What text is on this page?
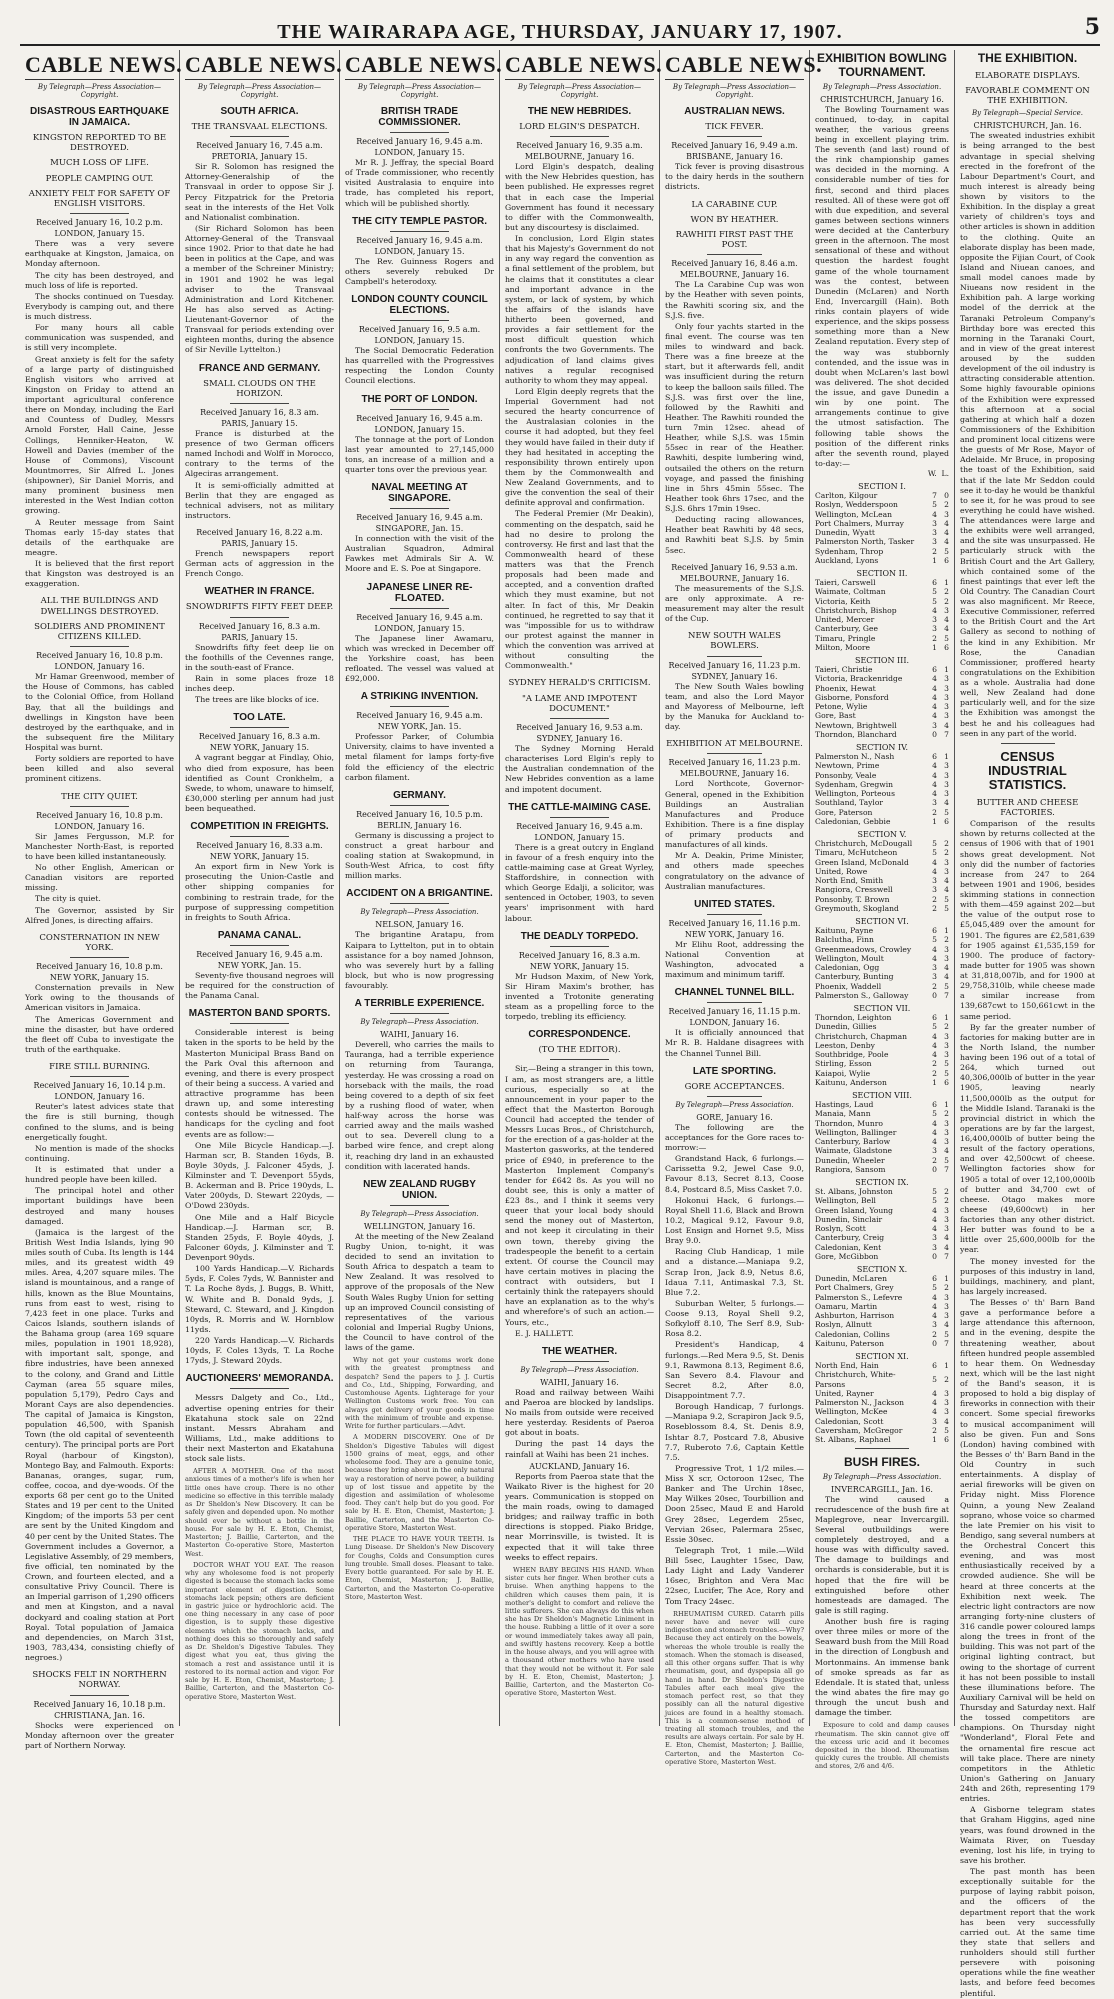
THE WAIRARAPA AGE, THURSDAY, JANUARY 17, 1907.	5
CABLE NEWS.
By Telegraph—Press Association—Copyright.
DISASTROUS EARTHQUAKE IN JAMAICA.
KINGSTON REPORTED TO BE DESTROYED.
MUCH LOSS OF LIFE.
PEOPLE CAMPING OUT.
ANXIETY FELT FOR SAFETY OF ENGLISH VISITORS.
Received January 16, 10.2 p.m.
LONDON, January 15.

There was a very severe earthquake at Kingston, Jamaica, on Monday afternoon.

The city has been destroyed, and much loss of life is reported.

The shocks continued on Tuesday. Everybody is camping out, and there is much distress.

For many hours all cable communication was suspended, and is still very incomplete.

Great anxiety is felt for the safety of a large party of distinguished English visitors who arrived at Kingston on Friday to attend an important agricultural conference there on Monday, including the Earl and Countess of Dudley, Messrs Arnold Forster, Hall Caine, Jesse Collings, Henniker-Heaton, W. Howell and Davies (member of the House of Commons), Viscount Mountmorres, Sir Alfred L. Jones (shipowner), Sir Daniel Morris, and many prominent business men interested in the West Indian cotton growing.

A Reuter message from Saint Thomas early 15-day states that details of the earthquake are meagre.

It is believed that the first report that Kingston was destroyed is an exaggeration.

ALL THE BUILDINGS AND DWELLINGS DESTROYED.
SOLDIERS AND PROMINENT CITIZENS KILLED.
Received January 16, 10.8 p.m.
LONDON, January 16.

Mr Hamar Greenwood, member of the House of Commons, has cabled to the Colonial Office, from Holland Bay, that all the buildings and dwellings in Kingston have been destroyed by the earthquake, and in the subsequent fire the Military Hospital was burnt.

Forty soldiers are reported to have been killed and also several prominent citizens.

THE CITY QUIET.
Received January 16, 10.8 p.m.
LONDON, January 16.

Sir James Fergusson, M.P. for Manchester North-East, is reported to have been killed instantaneously.

No other English, American or Canadian visitors are reported missing.

The city is quiet.

The Governor, assisted by Sir Alfred Jones, is directing affairs.

CONSTERNATION IN NEW YORK.
Received January 16, 10.8 p.m.
NEW YORK, January 15.

Consternation prevails in New York owing to the thousands of American visitors in Jamaica.

The Americas Government and mine the disaster, but have ordered the fleet off Cuba to investigate the truth of the earthquake.

FIRE STILL BURNING.
Received January 16, 10.14 p.m.
LONDON, January 16.

Reuter's latest advices state that the fire is still burning, though confined to the slums, and is being energetically fought.

No mention is made of the shocks continuing.

It is estimated that under a hundred people have been killed.

The principal hotel and other important buildings have been destroyed and many houses damaged.

(Jamaica is the largest of the British West India Islands, lying 90 miles south of Cuba. Its length is 144 miles, and its greatest width 49 miles. Area, 4,207 square miles. The island is mountainous, and a range of hills, known as the Blue Mountains, runs from east to west, rising to 7,423 feet in one place. Turks and Caicos Islands, southern islands of the Bahama group (area 169 square miles, population in 1901 18,928), with important salt, sponge, and fibre industries, have been annexed to the colony, and Grand and Little Cayman (area 55 square miles, population 5,179), Pedro Cays and Morant Cays are also dependencies. The capital of Jamaica is Kingston, population 46,500, with Spanish Town (the old capital of seventeenth century). The principal ports are Port Royal (harbour of Kingston), Montego Bay, and Falmouth. Exports: Bananas, oranges, sugar, rum, coffee, cocoa, and dye-woods. Of the exports 68 per cent go to the United States and 19 per cent to the United Kingdom; of the imports 53 per cent are sent by the United Kingdom and 40 per cent by the United States. The Government includes a Governor, a Legislative Assembly, of 29 members, five official, ten nominated by the Crown, and fourteen elected, and a consultative Privy Council. There is an Imperial garrison of 1,290 officers and men at Kingston, and a naval dockyard and coaling station at Port Royal. Total population of Jamaica and dependencies, on March 31st, 1903, 783,434, consisting chiefly of negroes.)

SHOCKS FELT IN NORTHERN NORWAY.
Received January 16, 10.18 p.m.
CHRISTIANA, Jan. 16.

Shocks were experienced on Monday afternoon over the greater part of Northern Norway.

CABLE NEWS.
By Telegraph—Press Association—Copyright.
SOUTH AFRICA.
THE TRANSVAAL ELECTIONS.
Received January 16, 7.45 a.m.
PRETORIA, January 15.

Sir R. Solomon has resigned the Attorney-Generalship of the Transvaal in order to oppose Sir J. Percy Fitzpatrick for the Pretoria seat in the interests of the Het Volk and Nationalist combination.

(Sir Richard Solomon has been Attorney-General of the Transvaal since 1902. Prior to that date he had been in politics at the Cape, and was a member of the Schreiner Ministry; in 1901 and 1902 he was legal adviser to the Transvaal Administration and Lord Kitchener. He has also served as Acting-Lieutenant-Governor of the Transvaal for periods extending over eighteen months, during the absence of Sir Neville Lyttelton.)

FRANCE AND GERMANY.
SMALL CLOUDS ON THE HORIZON.
Received January 16, 8.3 am.
PARIS, January 15.

France is disturbed at the presence of two German officers named Inchodi and Wolff in Morocco, contrary to the terms of the Algeciras arrangement.

It is semi-officially admitted at Berlin that they are engaged as technical advisers, not as military instructors.

Received January 16, 8.22 a.m.
PARIS, January 15.

French newspapers report German acts of aggression in the French Congo.

WEATHER IN FRANCE.
SNOWDRIFTS FIFTY FEET DEEP.
Received January 16, 8.3 a.m.
PARIS, January 15.

Snowdrifts fifty feet deep lie on the foothills of the Cevennes range, in the south-east of France.

Rain in some places froze 18 inches deep.

The trees are like blocks of ice.

TOO LATE.
Received January 16, 8.3 a.m.
NEW YORK, January 15.

A vagrant beggar at Findlay, Ohio, who died from exposure, has been identified as Count Cronkhelm, a Swede, to whom, unaware to himself, £30,000 sterling per annum had just been bequeathed.

COMPETITION IN FREIGHTS.
Received January 16, 8.33 a.m.
NEW YORK, January 15.

An export firm in New York is prosecuting the Union-Castle and other shipping companies for combining to restrain trade, for the purpose of suppressing competition in freights to South Africa.

PANAMA CANAL.
Received January 16, 9.45 a.m.
NEW YORK, Jan. 15.

Seventy-five thousand negroes will be required for the construction of the Panama Canal.

MASTERTON BAND SPORTS.

Considerable interest is being taken in the sports to be held by the Masterton Municipal Brass Band on the Park Oval this afternoon and evening, and there is every prospect of their being a success. A varied and attractive programme has been drawn up, and some interesting contests should be witnessed. The handicaps for the cycling and foot events are as follow:—

One Mile Bicycle Handicap.—J. Harman scr, B. Standen 16yds, B. Boyle 30yds, J. Falconer 45yds, J. Kilminster and T. Devenport 55yds, B. Ackerman and B. Price 190yds, L. Vater 200yds, D. Stewart 220yds, —O'Dowd 230yds.

One Mile and a Half Bicycle Handicap.—J. Harman scr, B. Standen 25yds, F. Boyle 40yds, J. Falconer 60yds, J. Kilminster and T. Devenport 90yds.

100 Yards Handicap.—V. Richards 5yds, F. Coles 7yds, W. Bannister and T. La Roche 8yds, J. Buggs, B. Whitt, W. White and B. Donald 9yds, J. Steward, C. Steward, and J. Kingdon 10yds, R. Morris and W. Hornblow 11yds.

220 Yards Handicap.—V. Richards 10yds, F. Coles 13yds, T. La Roche 17yds, J. Steward 20yds.

AUCTIONEERS' MEMORANDA.

Messrs Dalgety and Co., Ltd., advertise opening entries for their Ekatahuna stock sale on 22nd instant. Messrs Abraham and Williams, Ltd., make additions to their next Masterton and Ekatahuna stock sale lists.

AFTER A MOTHER. One of the most anxious times of a mother's life is when her little ones have croup. There is no other medicine so effective in this terrible malady as Dr Sheldon's New Discovery. It can be safely given and depended upon. No mother should ever be without a bottle in the house. For sale by H. E. Eton, Chemist, Masterton; J. Baillie, Carterton, and the Masterton Co-operative Store, Masterton West.

DOCTOR WHAT YOU EAT. The reason why any wholesome food is not properly digested is because the stomach lacks some important element of digestion. Some stomachs lack pepsin; others are deficient in gastric juice or hydrochloric acid. The one thing necessary in any case of poor digestion, is to supply these digestive elements which the stomach lacks, and nothing does this so thoroughly and safely as Dr. Sheldon's Digestive Tabules. They digest what you eat, thus giving the stomach a rest and assistance until it is restored to its normal action and vigor. For sale by H. E. Eton, Chemist, Masterton; J. Baillie, Carterton, and the Masterton Co-operative Store, Masterton West.

CABLE NEWS.
By Telegraph—Press Association—Copyright.
BRITISH TRADE COMMISSIONER.
Received January 16, 9.45 a.m.
LONDON, January 15.

Mr R. J. Jeffray, the special Board of Trade commissioner, who recently visited Australasia to enquire into trade, has completed his report, which will be published shortly.

THE CITY TEMPLE PASTOR.
Received January 16, 9.45 a.m.
LONDON, January 15.

The Rev. Guinness Rogers and others severely rebuked Dr Campbell's heterodoxy.

LONDON COUNTY COUNCIL ELECTIONS.
Received January 16, 9.5 a.m.
LONDON, January 15.

The Social Democratic Federation has quarrelled with the Progressives respecting the London County Council elections.

THE PORT OF LONDON.
Received January 16, 9.45 a.m.
LONDON, January 15.

The tonnage at the port of London last year amounted to 27,145,000 tons, an increase of a million and a quarter tons over the previous year.

NAVAL MEETING AT SINGAPORE.
Received January 16, 9.45 a.m.
SINGAPORE, Jan. 15.

In connection with the visit of the Australian Squadron, Admiral Fawkes met Admirals Sir A. W. Moore and E. S. Poe at Singapore.

JAPANESE LINER RE-FLOATED.
Received January 16, 9.45 a.m.
LONDON, January 15.

The Japanese liner Awamaru, which was wrecked in December off the Yorkshire coast, has been refloated. The vessel was valued at £92,000.

A STRIKING INVENTION.
Received January 16, 9.45 a.m.
NEW YORK, Jan. 15.

Professor Parker, of Columbia University, claims to have invented a metal filament for lamps forty-five fold the efficiency of the electric carbon filament.

GERMANY.
Received January 16, 10.5 p.m.
BERLIN, January 16.

Germany is discussing a project to construct a great harbour and coaling station at Swakopmund, in South-West Africa, to cost fifty million marks.

ACCIDENT ON A BRIGANTINE.
By Telegraph—Press Association.
NELSON, January 16.

The brigantine Aratapu, from Kaipara to Lyttelton, put in to obtain assistance for a boy named Johnson, who was severely hurt by a falling block, but who is now progressing favourably.

A TERRIBLE EXPERIENCE.
By Telegraph—Press Association.
WAIHI, January 16.

Deverell, who carries the mails to Tauranga, had a terrible experience on returning from Tauranga, yesterday. He was crossing a road on horseback with the mails, the road being covered to a depth of six feet by a rushing flood of water, when half-way across the horse was carried away and the mails washed out to sea. Deverell clung to a barbed wire fence, and crept along it, reaching dry land in an exhausted condition with lacerated hands.

NEW ZEALAND RUGBY UNION.
By Telegraph—Press Association.
WELLINGTON, January 16.

At the meeting of the New Zealand Rugby Union, to-night, it was decided to send an invitation to South Africa to despatch a team to New Zealand. It was resolved to approve of the proposals of the New South Wales Rugby Union for setting up an improved Council consisting of representatives of the various colonial and Imperial Rugby Unions, the Council to have control of the laws of the game.

Why not get your customs work done with the greatest promptness and despatch? Send the papers to J. J. Curtis and Co., Ltd., Shipping, Forwarding, and Customhouse Agents. Lighterage for your Wellington Customs work free. You can always get delivery of your goods in time with the minimum of trouble and expense. Write for further particulars.—Advt.

A MODERN DISCOVERY. One of Dr Sheldon's Digestive Tabules will digest 1500 grains of meat, eggs, and other wholesome food. They are a genuine tonic, because they bring about in the only natural way a restoration of nerve power, a building up of lost tissue and appetite by the digestion and assimilation of wholesome food. They can't help but do you good. For sale by H. E. Eton, Chemist, Masterton; J. Baillie, Carterton, and the Masterton Co-operative Store, Masterton West.

THE PLACE TO HAVE YOUR TEETH. Is Lung Disease. Dr Sheldon's New Discovery for Coughs, Colds and Consumption cures lung trouble. Small doses. Pleasant to take. Every bottle guaranteed. For sale by H. E. Eton, Chemist, Masterton; J. Baillie, Carterton, and the Masterton Co-operative Store, Masterton West.

CABLE NEWS.
By Telegraph—Press Association—Copyright.
THE NEW HEBRIDES.
LORD ELGIN'S DESPATCH.
Received January 16, 9.35 a.m.
MELBOURNE, January 16.

Lord Elgin's despatch, dealing with the New Hebrides question, has been published. He expresses regret that in each case the Imperial Government has found it necessary to differ with the Commonwealth, but any discourtesy is disclaimed.

In conclusion, Lord Elgin states that his Majesty's Government do not in any way regard the convention as a final settlement of the problem, but he claims that it constitutes a clear and important advance in the system, or lack of system, by which the affairs of the islands have hitherto been governed, and provides a fair settlement for the most difficult question which confronts the two Governments. The adjudication of land claims gives natives a regular recognised authority to whom they may appeal.

Lord Elgin deeply regrets that the Imperial Government had not secured the hearty concurrence of the Australasian colonies in the course it had adopted, but they feel they would have failed in their duty if they had hesitated in accepting the responsibility thrown entirely upon them by the Commonwealth and New Zealand Governments, and to give the convention the seal of their definite approval and confirmation.

The Federal Premier (Mr Deakin), commenting on the despatch, said he had no desire to prolong the controversy. He first and last that the Commonwealth heard of these matters was that the French proposals had been made and accepted, and a convention drafted which they must examine, but not alter. In fact of this, Mr Deakin continued, he regretted to say that it was "impossible for us to withdraw our protest against the manner in which the convention was arrived at without consulting the Commonwealth."

SYDNEY HERALD'S CRITICISM.
"A LAME AND IMPOTENT DOCUMENT."
Received January 16, 9.53 a.m.
SYDNEY, January 16.

The Sydney Morning Herald characterises Lord Elgin's reply to the Australian condemnation of the New Hebrides convention as a lame and impotent document.

THE CATTLE-MAIMING CASE.
Received January 16, 9.45 a.m.
LONDON, January 15.

There is a great outcry in England in favour of a fresh enquiry into the cattle-maiming case at Great Wyrley, Staffordshire, in connection with which George Edalji, a solicitor, was sentenced in October, 1903, to seven years' imprisonment with hard labour.

THE DEADLY TORPEDO.
Received January 16, 8.3 a.m.
NEW YORK, January 15.

Mr Hudson Maxim, of New York, Sir Hiram Maxim's brother, has invented a Trotonite generating steam as a propelling force to the torpedo, trebling its efficiency.

CORRESPONDENCE.
(TO THE EDITOR).

Sir,—Being a stranger in this town, I am, as most strangers are, a little curious, especially so at the announcement in your paper to the effect that the Masterton Borough Council had accepted the tender of Messrs Lucas Bros., of Christchurch, for the erection of a gas-holder at the Masterton gasworks, at the tendered price of £940, in preference to the Masterton Implement Company's tender for £642 8s. As you will no doubt see, this is only a matter of £23 8s., and I think it seems very queer that your local body should send the money out of Masterton, and not keep it circulating in their own town, thereby giving the tradespeople the benefit to a certain extent. Of course the Council may have certain motives in placing the contract with outsiders, but I certainly think the ratepayers should have an explanation as to the why's and wherefore's of such an action.—Yours, etc.,

E. J. HALLETT.

THE WEATHER.
By Telegraph—Press Association.
WAIHI, January 16.

Road and railway between Waihi and Paeroa are blocked by landslips. No mails from outside were received here yesterday. Residents of Paeroa got about in boats.

During the past 14 days the rainfall at Waihi has been 21 inches.

AUCKLAND, January 16.

Reports from Paeroa state that the Waikato River is the highest for 20 years. Communication is stopped on the main roads, owing to damaged bridges; and railway traffic in both directions is stopped. Piako Bridge, near Morrinsville, is twisted. It is expected that it will take three weeks to effect repairs.

WHEN BABY BEGINS HIS HAND. When sister cuts her finger. When brother cuts a bruise. When anything happens to the children which causes them pain, it is mother's delight to comfort and relieve the little sufferers. She can always do this when she has Dr Sheldon's Magnetic Liniment in the house. Rubbing a little of it over a sore or wound immediately takes away all pain, and swiftly hastens recovery. Keep a bottle in the house always, and you will agree with a thousand other mothers who have used that they would not be without it. For sale by H. E. Eton, Chemist, Masterton; J. Baillie, Carterton, and the Masterton Co-operative Store, Masterton West.

CABLE NEWS.
By Telegraph—Press Association—Copyright.
AUSTRALIAN NEWS.
TICK FEVER.
Received January 16, 9.49 a.m.
BRISBANE, January 16.

Tick fever is proving disastrous to the dairy herds in the southern districts.

LA CARABINE CUP.
WON BY HEATHER.
RAWHITI FIRST PAST THE POST.
Received January 16, 8.46 a.m.
MELBOURNE, January 16.

The La Carabine Cup was won by the Heather with seven points, the Rawhiti scoring six, and the S.J.S. five.

Only four yachts started in the final event. The course was ten miles to windward and back. There was a fine breeze at the start, but it afterwards fell, andit was insufficient during the return to keep the balloon sails filled. The S.J.S. was first over the line, followed by the Rawhiti and Heather. The Rawhiti rounded the turn 7min 12sec. ahead of Heather, while S.J.S. was 15min 55sec in rear of the Heather. Rawhiti, despite lumbering wind, outsailed the others on the return voyage, and passed the finishing line in 5hrs 45min 55sec. The Heather took 6hrs 17sec, and the S.J.S. 6hrs 17min 19sec.

Deducting racing allowances, Heather beat Rawhiti by 48 secs, and Rawhiti beat S.J.S. by 5min 5sec.

Received January 16, 9.53 a.m.
MELBOURNE, January 16.

The measurements of the S.J.S. are only approximate. A re-measurement may alter the result of the Cup.

NEW SOUTH WALES BOWLERS.
Received January 16, 11.23 p.m.
SYDNEY, January 16.

The New South Wales bowling team, and also the Lord Mayor and Mayoress of Melbourne, left by the Manuka for Auckland to-day.

EXHIBITION AT MELBOURNE.
Received January 16, 11.23 p.m.
MELBOURNE, January 16.

Lord Northcote, Governor-General, opened in the Exhibition Buildings an Australian Manufactures and Produce Exhibition. There is a fine display of primary products and manufactures of all kinds.

Mr A. Deakin, Prime Minister, and others made speeches congratulatory on the advance of Australian manufactures.

UNITED STATES.
Received January 16, 11.16 p.m.
NEW YORK, January 16.

Mr Elihu Root, addressing the National Convention at Washington, advocated a maximum and minimum tariff.

CHANNEL TUNNEL BILL.
Received January 16, 11.15 p.m.
LONDON, January 16.

It is officially announced that Mr R. B. Haldane disagrees with the Channel Tunnel Bill.

LATE SPORTING.
GORE ACCEPTANCES.
By Telegraph—Press Association.
GORE, January 16.

The following are the acceptances for the Gore races to-morrow:—

Grandstand Hack, 6 furlongs.—Carissetta 9.2, Jewel Case 9.0, Favour 8.13, Secret 8.13, Coose 8.4, Postcard 8.5, Miss Casket 7.0.

Hokonui Hack, 6 furlongs.—Royal Shell 11.6, Black and Brown 10.2, Magical 9.12, Favour 9.8, Lost Ensign and Hornet 9.5, Miss Bray 9.0.

Racing Club Handicap, 1 mile and a distance.—Maniapa 9.2, Scrap Iron, Jack 8.9, Netus 8.6, Idaua 7.11, Antimaskal 7.3, St. Blue 7.2.

Suburban Welter, 5 furlongs.—Coose 9.13, Royal Shell 9.2, Sofkyloff 8.10, The Serf 8.9, Sub-Rosa 8.2.

President's Handicap, 4 furlongs.—Red Mera 9.5, St. Denis 9.1, Rawmona 8.13, Regiment 8.6, San Severo 8.4. Flavour and Secret 8.2, After 8.0, Disappointment 7.7.

Borough Handicap, 7 furlongs.—Maniapa 9.2, Scrapiron Jack 9.5, Roseblossom 8.4, St. Denis 8.9, Ishtar 8.7, Postcard 7.8, Abusive 7.7, Ruberoto 7.6, Captain Kettle 7.5.

Progressive Trot, 1 1/2 miles.—Miss X scr, Octoroon 12sec, The Banker and The Urchin 18sec, May Wilkes 20sec, Tourbillion and Doon 25sec, Maud E and Harold Grey 28sec, Legerdem 25sec, Vervian 26sec, Palermara 25sec, Essie 30sec.

Telegraph Trot, 1 mile.—Wild Bill 5sec, Laughter 15sec, Daw, Lady Light and Lady Vanderer 16sec, Brighton and Vera Mac 22sec, Lucifer, The Ace, Rory and Tom Tracy 24sec.

RHEUMATISM CURED. Catarrh pills never have and never will cure indigestion and stomach troubles.—Why? Because they act entirely on the bowels, whereas the whole trouble is really the stomach. When the stomach is diseased, all this other organs suffer. That is why rheumatism, gout, and dyspepsia all go hand in hand. Dr Sheldon's Digestive Tabules after each meal give the stomach perfect rest, so that they possibly can all the natural digestive juices are found in a healthy stomach. This is a common-sense method of treating all stomach troubles, and the results are always certain. For sale by H. E. Eton, Chemist, Masterton; J. Baillie, Carterton, and the Masterton Co-operative Store, Masterton West.

EXHIBITION BOWLING TOURNAMENT.
By Telegraph—Press Association.
CHRISTCHURCH, January 16.

The Bowling Tournament was continued, to-day, in capital weather, the various greens being in excellent playing trim. The seventh (and last) round of the rink championship games was decided in the morning. A considerable number of ties for first, second and third places resulted. All of these were got off with due expedition, and several games between sections winners were decided at the Canterbury green in the afternoon. The most sensational of these and without question the hardest fought game of the whole tournament was the contest, between Dunedin (McLaren) and North End, Invercargill (Hain). Both rinks contain players of wide experience, and the skips possess something more than a New Zealand reputation. Every step of the way was stubbornly contended, and the issue was in doubt when McLaren's last bowl was delivered. The shot decided the issue, and gave Dunedin a win by one point. The arrangements continue to give the utmost satisfaction. The following table shows the position of the different rinks after the seventh round, played to-day:—

W. L.
SECTION I.
Carlton, Kilgour	7	0
Roslyn, Wedderspoon	5	2
Wellington, McLean	4	3
Port Chalmers, Murray	3	4
Dunedin, Wyatt	3	4
Palmerston North, Tasker	3	4
Sydenham, Throp	2	5
Auckland, Lyons	1	6
SECTION II.
Taieri, Carswell	6	1
Waimate, Coltman	5	2
Victoria, Keith	5	2
Christchurch, Bishop	4	3
United, Mercer	3	4
Canterbury, Gee	3	4
Timaru, Pringle	2	5
Milton, Moore	1	6
SECTION III.
Taieri, Christie	6	1
Victoria, Brackenridge	4	3
Phoenix, Hewat	4	3
Gisborne, Ponsford	4	3
Petone, Wylie	4	3
Gore, Bast	4	3
Newtown, Brightwell	3	4
Thorndon, Blanchard	0	7
SECTION IV.
Palmerston N., Nash	6	1
Newtown, Prime	4	3
Ponsonby, Veale	4	3
Sydenham, Gregwin	4	3
Wellington, Porteous	4	3
Southland, Taylor	3	4
Gore, Paterson	2	5
Caledonian, Gebbie	1	6
SECTION V.
Christchurch, McDougall	5	2
Timaru, McHutcheon	5	2
Green Island, McDonald	4	3
United, Rowe	4	3
North End, Smith	3	4
Rangiora, Cresswell	3	4
Ponsonby, T. Brown	2	5
Greymouth, Skogland	2	5
SECTION VI.
Kaitunu, Payne	6	1
Balclutha, Finn	5	2
Greenmeadows, Crowley	4	3
Wellington, Moult	4	3
Caledonian, Ogg	3	4
Canterbury, Bunting	3	4
Phoenix, Waddell	2	5
Palmerston S., Galloway	0	7
SECTION VII.
Thorndon, Leighton	6	1
Dunedin, Gillies	5	2
Christchurch, Chapman	4	3
Leeston, Denby	4	3
Southbridge, Poole	4	3
Stirling, Esson	2	5
Kaiapoi, Wylie	2	5
Kaitunu, Anderson	1	6
SECTION VIII.
Hastings, Laud	6	1
Manaia, Mann	5	2
Thorndon, Munro	4	3
Wellington, Ballinger	4	3
Canterbury, Barlow	4	3
Waimate, Gladstone	3	4
Dunedin, Wheeler	2	5
Rangiora, Sansom	0	7
SECTION IX.
St. Albans, Johnston	5	2
Wellington, Bell	5	2
Green Island, Young	4	3
Dunedin, Sinclair	4	3
Roslyn, Scott	4	3
Canterbury, Creig	3	4
Caledonian, Kent	3	4
Gore, McGibbon	0	7
SECTION X.
Dunedin, McLaren	6	1
Port Chalmers, Grey	5	2
Palmerston S., Lefevre	4	3
Oamaru, Martin	4	3
Ashburton, Harrison	4	3
Roslyn, Allnutt	3	4
Caledonian, Collins	2	5
Kaitunu, Paterson	0	7
SECTION XI.
North End, Hain	6	1
Christchurch, White-Parsons	5	2
United, Rayner	4	3
Palmerston N., Jackson	4	3
Wellington, McKee	4	3
Caledonian, Scott	3	4
Caversham, McGregor	2	5
St. Albans, Raphael	1	6
BUSH FIRES.
By Telegraph—Press Association.
INVERCARGILL, Jan. 16.

The wind caused a recrudescence of the bush fire at Maplegrove, near Invercargill. Several outbuildings were completely destroyed, and a house was with difficulty saved. The damage to buildings and orchards is considerable, but it is hoped that the fire will be extinguished before other homesteads are damaged. The gale is still raging.

Another bush fire is raging over three miles or more of the Seaward bush from the Mill Road in the direction of Longbush and Mortonmains. An immense bank of smoke spreads as far as Edendale. It is stated that, unless the wind abates the fire may go through the uncut bush and damage the timber.

Exposure to cold and damp causes rheumatism. The skin cannot give off the excess uric acid and it becomes deposited in the blood. Rheumatism quickly cures the trouble. All chemists and stores, 2/6 and 4/6.
THE EXHIBITION.
ELABORATE DISPLAYS.
FAVORABLE COMMENT ON THE EXHIBITION.
By Telegraph—Special Service.
CHRISTCHURCH, Jan. 16.

The sweated industries exhibit is being arranged to the best advantage in special shelving erected in the forefront of the Labour Department's Court, and much interest is already being shown by visitors to the Exhibition. In the display a great variety of children's toys and other articles is shown in addition to the clothing. Quite an elaborate display has been made, opposite the Fijian Court, of Cook Island and Niuean canoes, and small model canoes made by Niueans now resident in the Exhibition pah. A large working model of the derrick at the Taranaki Petroleum Company's Birthday bore was erected this morning in the Taranaki Court, and in view of the great interest aroused by the sudden development of the oil industry is attracting considerable attention. Some highly favourable opinions of the Exhibition were expressed this afternoon at a social gathering at which half a dozen Commissioners of the Exhibition and prominent local citizens were the guests of Mr Rose, Mayor of Adelaide. Mr Bruce, in proposing the toast of the Exhibition, said that if the late Mr Seddon could see it to-day he would be thankful to see it, for he was proud to see everything he could have wished. The attendances were large and the exhibits were well arranged, and the site was unsurpassed. He particularly struck with the British Court and the Art Gallery, which contained some of the finest paintings that ever left the Old Country. The Canadian Court was also magnificent. Mr Reece, Executive Commissioner, referred to the British Court and the Art Gallery as second to nothing of the kind in any Exhibition. Mr Rose, the Canadian Commissioner, proffered hearty congratulations on the Exhibition as a whole. Australia had done well, New Zealand had done particularly well, and for the size the Exhibition was amongst the best he and his colleagues had seen in any part of the world.

CENSUS INDUSTRIAL STATISTICS.
BUTTER AND CHEESE FACTORIES.

Comparison of the results shown by returns collected at the census of 1906 with that of 1901 shows great development. Not only did the number of factories increase from 247 to 264 between 1901 and 1906, besides skimming stations in connection with them—459 against 202—but the value of the output rose to £5,045,489 over the amount for 1901. The figures are £2,581,639 for 1905 against £1,535,159 for 1900. The produce of factory-made butter for 1905 was shown at 31,818,007lb, and for 1900 at 29,758,310lb, while cheese made a similar increase from 139,687cwt to 150,661cwt in the same period.

By far the greater number of factories for making butter are in the North Island, the number having been 196 out of a total of 264, which turned out 40,306,000lb of butter in the year 1905, leaving nearly 11,500,000lb as the output for the Middle Island. Taranaki is the provincial district in which the operations are by far the largest, 16,400,000lb of butter being the result of the factory operations, and over 42,500cwt of cheese. Wellington factories show for 1905 a total of over 12,100,000lb of butter and 34,700 cwt of cheese. Otago makes more cheese (49,600cwt) in her factories than any other district. Her butter was found to be a little over 25,600,000lb for the year.

The money invested for the purposes of this industry in land, buildings, machinery, and plant, has largely increased.

The Besses o' th' Barn Band gave a performance before a large attendance this afternoon, and in the evening, despite the threatening weather, about fifteen hundred people assembled to hear them. On Wednesday next, which will be the last night of the Band's season, it is proposed to hold a big display of fireworks in connection with their concert. Some special fireworks to musical accompaniment will also be given. Fun and Sons (London) having combined with the Besses o' th' Barn Band in the Old Country in such entertainments. A display of aerial fireworks will be given on Friday night. Miss Florence Quinn, a young New Zealand soprano, whose voice so charmed the late Premier on his visit to Bendigo, sang several numbers at the Orchestral Concert this evening, and was most enthusiastically received by a crowded audience. She will be heard at three concerts at the Exhibition next week. The electric light contractors are now arranging forty-nine clusters of 316 candle power coloured lamps along the trees in front of the building. This was not part of the original lighting contract, but owing to the shortage of current it has not been possible to install these illuminations before. The Auxiliary Carnival will be held on Thursday and Saturday next. Half the tossed competitors are champions. On Thursday night "Wonderland", Floral Fete and the ornamental fire rescue act will take place. There are ninety competitors in the Athletic Union's Gathering on January 24th and 26th, representing 179 entries.

A Gisborne telegram states that Graham Higgins, aged nine years, was found drowned in the Waimata River, on Tuesday evening, lost his life, in trying to save his brother.

The past month has been exceptionally suitable for the purpose of laying rabbit poison, and the officers of the department report that the work has been very successfully carried out. At the same time they state that sellers and runholders should still further persevere with poisoning operations while the fine weather lasts, and before feed becomes plentiful.
